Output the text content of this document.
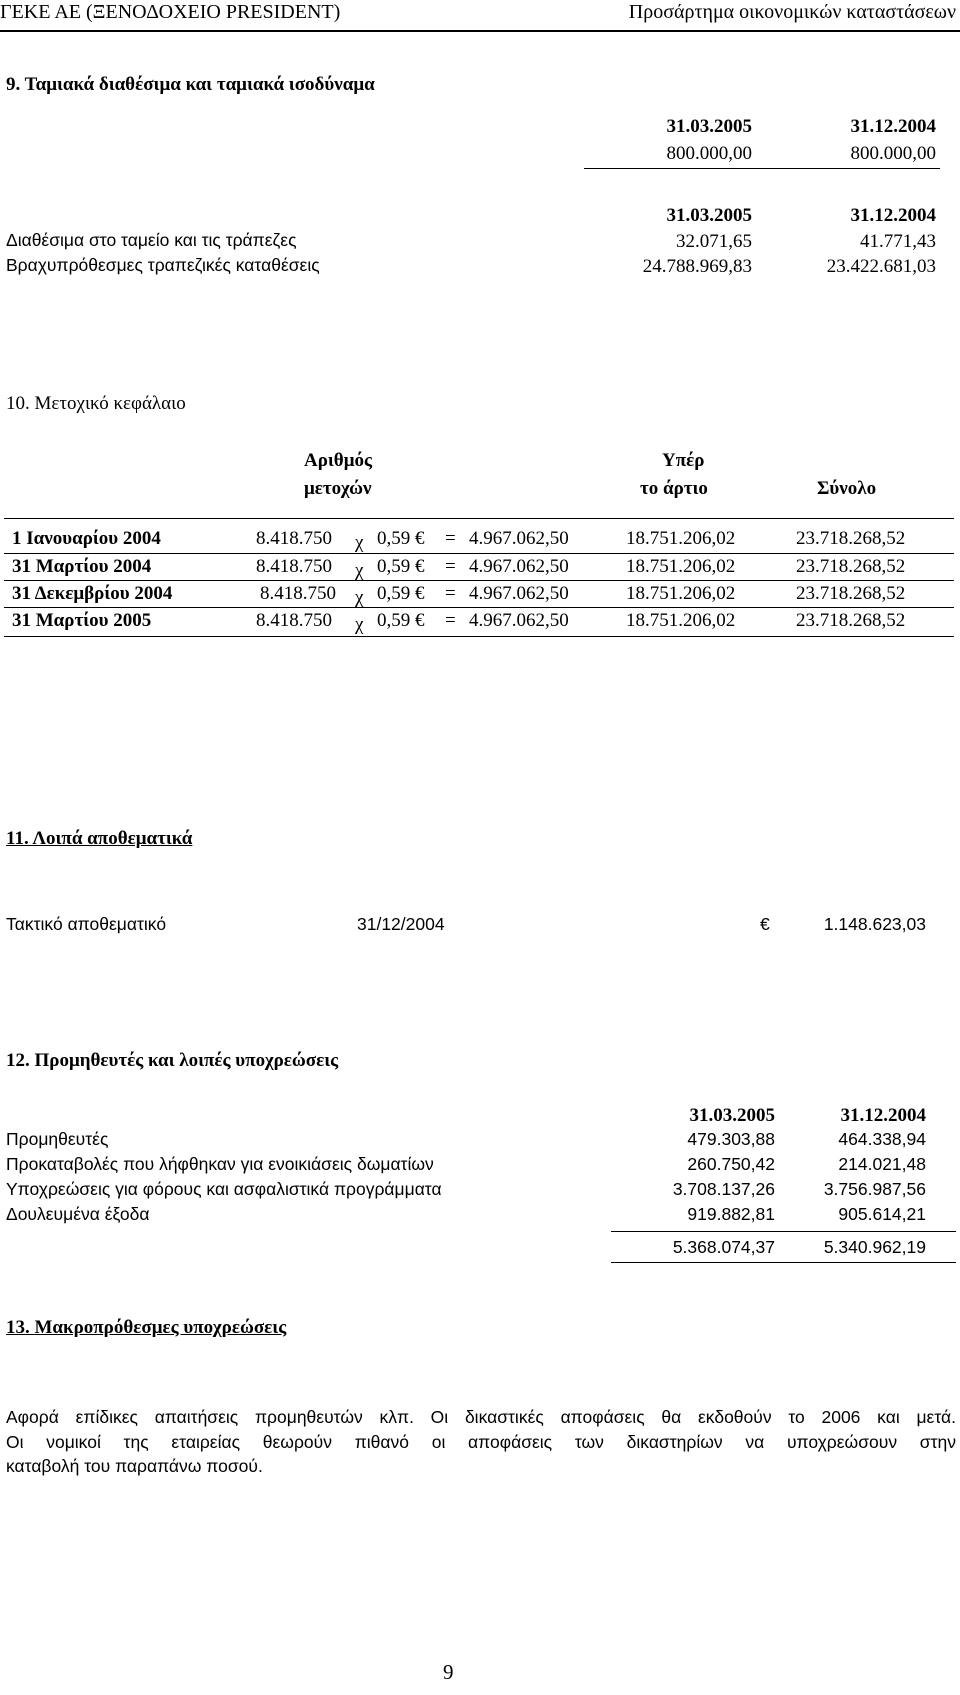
ΓΕΚΕ ΑΕ (ΞΕΝΟΔΟΧΕΙΟ PRESIDENT)	Προσάρτημα οικονομικών καταστάσεων
9. Ταμιακά διαθέσιμα και ταμιακά ισοδύναμα
31.03.2005	31.12.2004
800.000,00	800.000,00
31.03.2005	31.12.2004
Διαθέσιμα στο ταμείο και τις τράπεζες	32.071,65	41.771,43
Βραχυπρόθεσμες τραπεζικές καταθέσεις	24.788.969,83	23.422.681,03
10. Μετοχικό κεφάλαιο
Αριθμός
μετοχών
Υπέρ
το άρτιο	Σύνολο
1 Ιανουαρίου 2004	8.418.750 χ 0,59 € = 4.967.062,50	18.751.206,02	23.718.268,52
31 Μαρτίου 2004	8.418.750 χ 0,59 € = 4.967.062,50	18.751.206,02	23.718.268,52
31 Δεκεμβρίου 2004	8.418.750 χ 0,59 € = 4.967.062,50	18.751.206,02	23.718.268,52
31 Μαρτίου 2005	8.418.750 χ 0,59 € = 4.967.062,50	18.751.206,02	23.718.268,52
11. Λοιπά αποθεματικά
Τακτικό αποθεματικό	31/12/2004	€	1.148.623,03
12. Προμηθευτές και λοιπές υποχρεώσεις
31.03.2005	31.12.2004
Προμηθευτές	479.303,88	464.338,94
Προκαταβολές που λήφθηκαν για ενοικιάσεις δωματίων	260.750,42	214.021,48
Υποχρεώσεις για φόρους και ασφαλιστικά προγράμματα	3.708.137,26	3.756.987,56
Δουλευμένα έξοδα	919.882,81	905.614,21
5.368.074,37	5.340.962,19
13. Μακροπρόθεσμες υποχρεώσεις
Αφορά επίδικες απαιτήσεις προμηθευτών κλπ. Οι δικαστικές αποφάσεις θα εκδοθούν το 2006 και μετά.
Οι νομικοί της εταιρείας θεωρούν πιθανό οι αποφάσεις των δικαστηρίων να υποχρεώσουν στην
καταβολή του παραπάνω ποσού.
9
